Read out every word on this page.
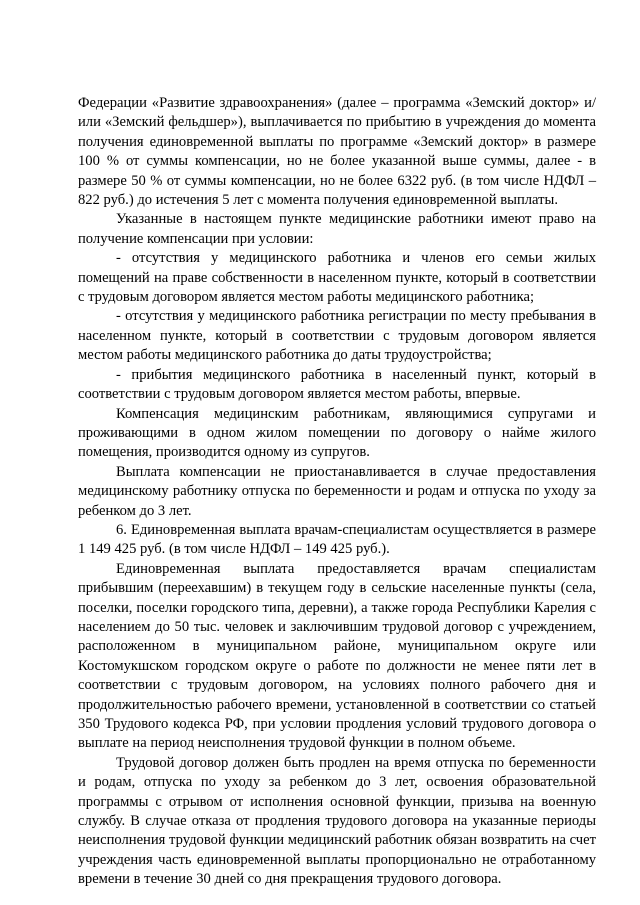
Федерации «Развитие здравоохранения» (далее – программа «Земский доктор» и/или «Земский фельдшер»), выплачивается по прибытию в учреждения до момента получения единовременной выплаты по программе «Земский доктор» в размере 100 % от суммы компенсации, но не более указанной выше суммы, далее - в размере 50 % от суммы компенсации, но не более 6322 руб. (в том числе НДФЛ – 822 руб.) до истечения 5 лет с момента получения единовременной выплаты.

Указанные в настоящем пункте медицинские работники имеют право на получение компенсации при условии:

- отсутствия у медицинского работника и членов его семьи жилых помещений на праве собственности в населенном пункте, который в соответствии с трудовым договором является местом работы медицинского работника;

- отсутствия у медицинского работника регистрации по месту пребывания в населенном пункте, который в соответствии с трудовым договором является местом работы медицинского работника до даты трудоустройства;

- прибытия медицинского работника в населенный пункт, который в соответствии с трудовым договором является местом работы, впервые.

Компенсация медицинским работникам, являющимися супругами и проживающими в одном жилом помещении по договору о найме жилого помещения, производится одному из супругов.

Выплата компенсации не приостанавливается в случае предоставления медицинскому работнику отпуска по беременности и родам и отпуска по уходу за ребенком до 3 лет.

6. Единовременная выплата врачам-специалистам осуществляется в размере 1 149 425 руб. (в том числе НДФЛ – 149 425 руб.).

Единовременная выплата предоставляется врачам специалистам прибывшим (переехавшим) в текущем году в сельские населенные пункты (села, поселки, поселки городского типа, деревни), а также города Республики Карелия с населением до 50 тыс. человек и заключившим трудовой договор с учреждением, расположенном в муниципальном районе, муниципальном округе или Костомукшском городском округе о работе по должности не менее пяти лет в соответствии с трудовым договором, на условиях полного рабочего дня и продолжительностью рабочего времени, установленной в соответствии со статьей 350 Трудового кодекса РФ, при условии продления условий трудового договора о выплате на период неисполнения трудовой функции в полном объеме.

Трудовой договор должен быть продлен на время отпуска по беременности и родам, отпуска по уходу за ребенком до 3 лет, освоения образовательной программы с отрывом от исполнения основной функции, призыва на военную службу. В случае отказа от продления трудового договора на указанные периоды неисполнения трудовой функции медицинский работник обязан возвратить на счет учреждения часть единовременной выплаты пропорционально не отработанному времени в течение 30 дней со дня прекращения трудового договора.
